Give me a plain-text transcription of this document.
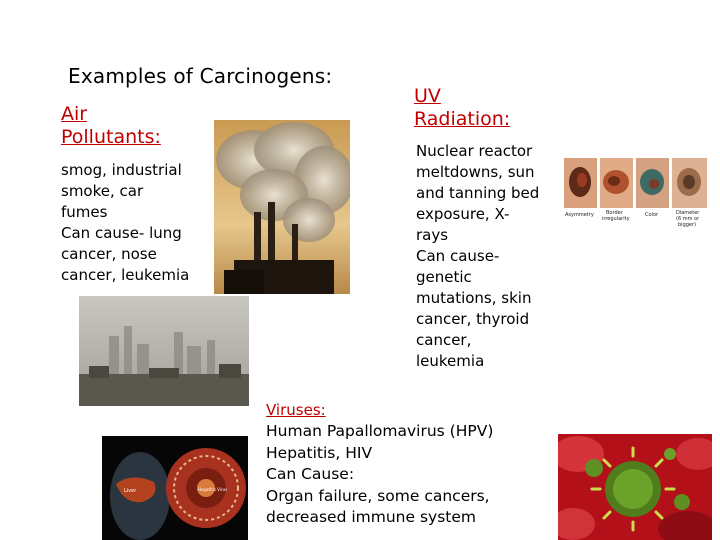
Examples of Carcinogens:
Air
Pollutants:
smog, industrial
smoke, car
fumes
Can cause- lung
cancer, nose
cancer, leukemia
UV
Radiation:
Nuclear reactor
meltdowns, sun
and tanning bed
exposure, X-
rays
Can cause-
genetic
mutations, skin
cancer, thyroid
cancer,
leukemia
Viruses:
Human Papallomavirus (HPV)
Hepatitis, HIV
Can Cause:
Organ failure, some cancers,
decreased immune system
Asymmetry Border
irregularity
Color	Diameter
(6 mm or
bigger)
Liver	Hepatitis Virus
